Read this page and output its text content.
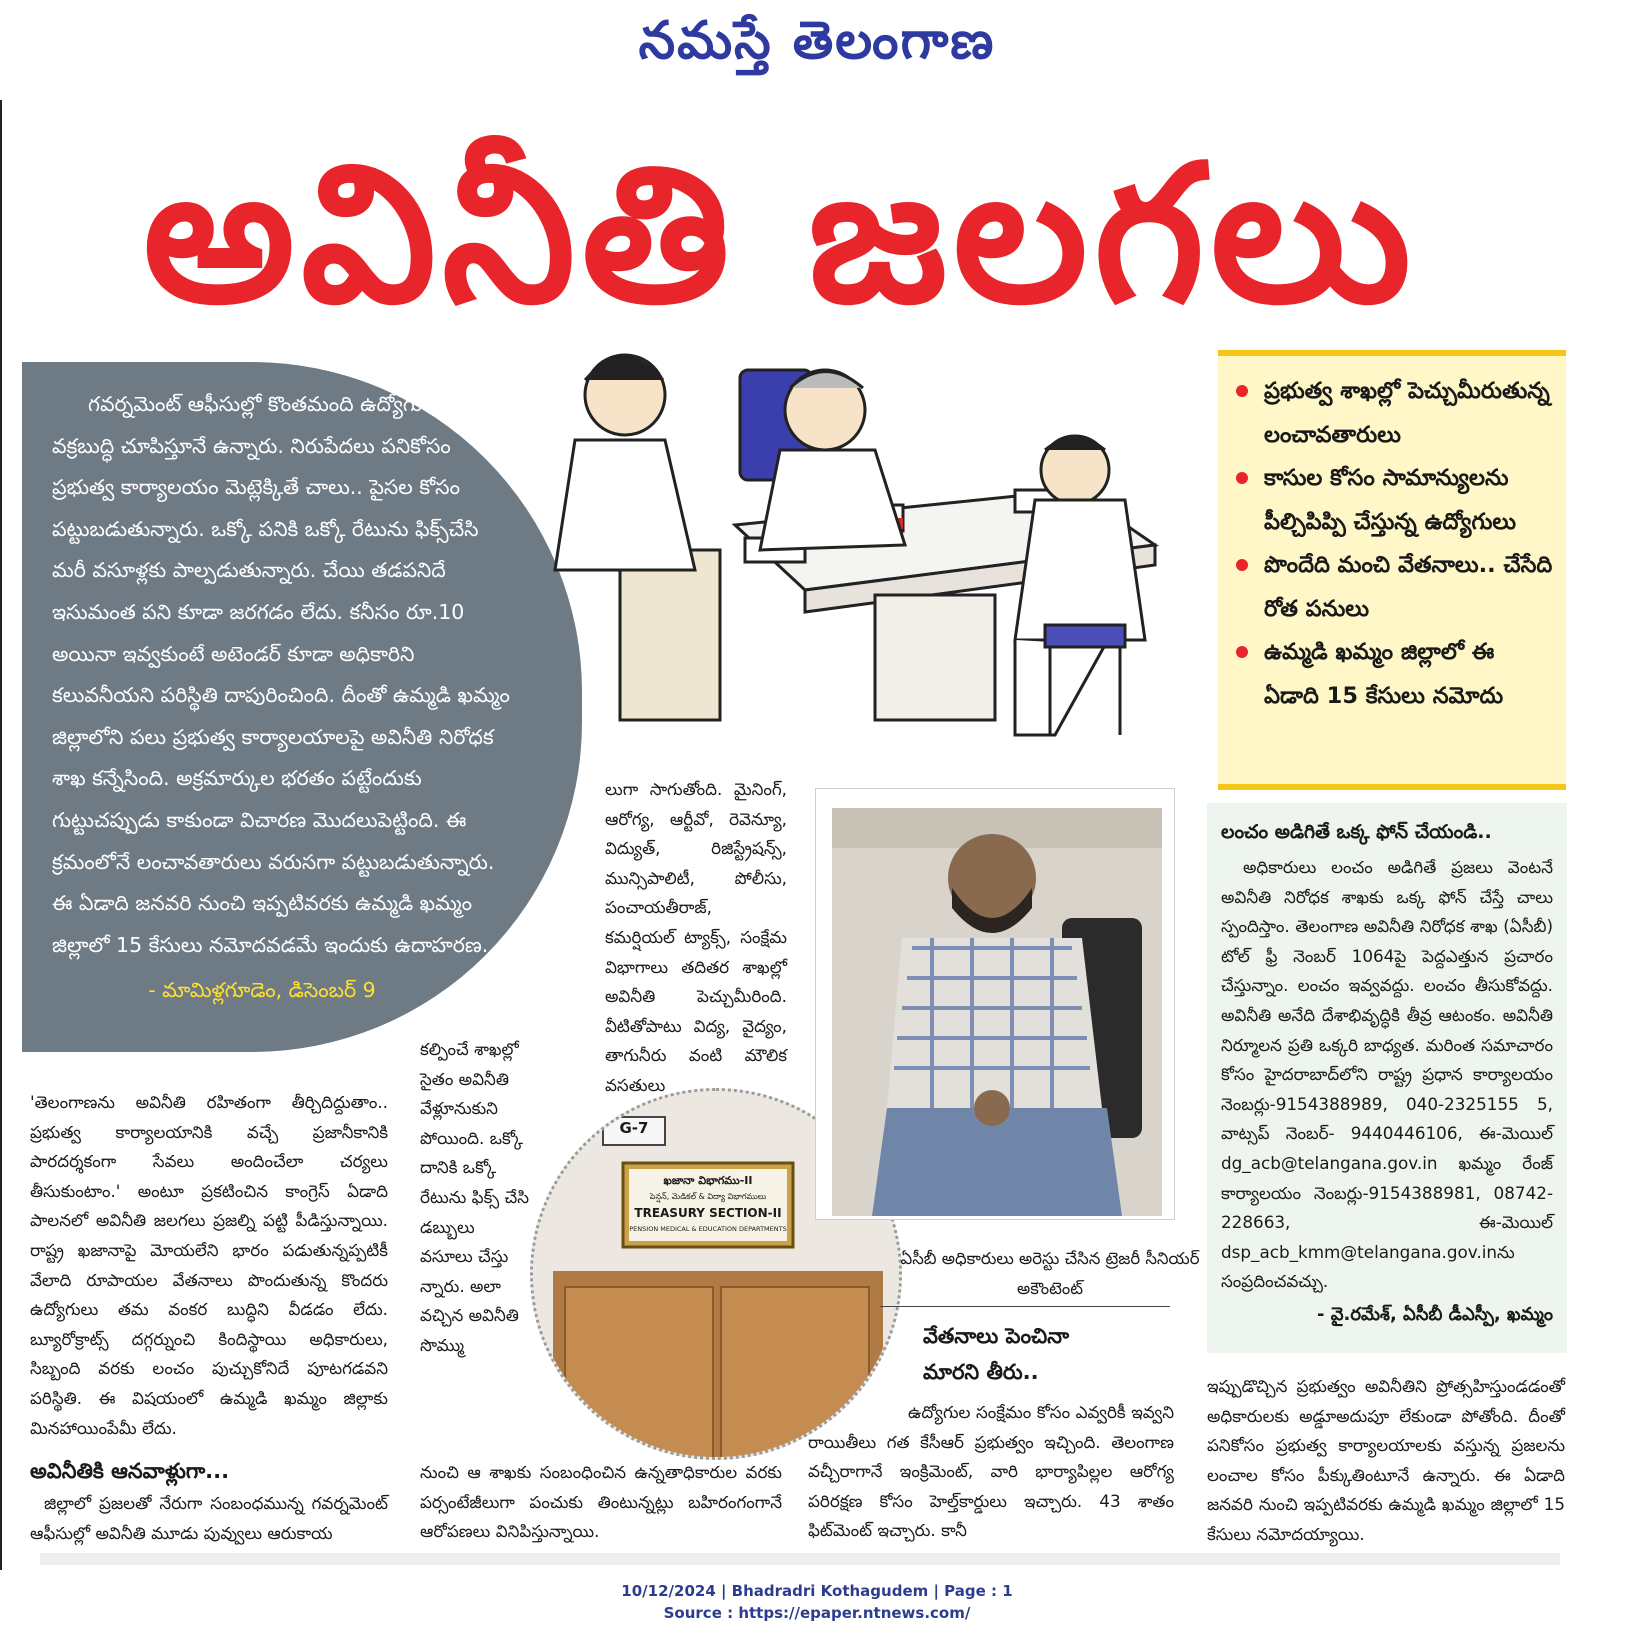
నమస్తే తెలంగాణ
అవినీతి జలగలు

గవర్నమెంట్ ఆఫీసుల్లో కొంతమంది ఉద్యోగులు తమ వక్రబుద్ధి చూపిస్తూనే ఉన్నారు. నిరుపేదలు పనికోసం ప్రభుత్వ కార్యాలయం మెట్లెక్కితే చాలు.. పైసల కోసం పట్టుబడుతున్నారు. ఒక్కో పనికి ఒక్కో రేటును ఫిక్స్‌చేసి మరీ వసూళ్లకు పాల్పడుతున్నారు. చేయి తడపనిదే ఇసుమంత పని కూడా జరగడం లేదు. కనీసం రూ.10 అయినా ఇవ్వకుంటే అటెండర్ కూడా అధికారిని కలువనీయని పరిస్థితి దాపురించింది. దీంతో ఉమ్మడి ఖమ్మం జిల్లాలోని పలు ప్రభుత్వ కార్యాలయాలపై అవినీతి నిరోధక శాఖ కన్నేసింది. అక్రమార్కుల భరతం పట్టేందుకు గుట్టుచప్పుడు కాకుండా విచారణ మొదలుపెట్టింది. ఈ క్రమంలోనే లంచావతారులు వరుసగా పట్టుబడుతున్నారు. ఈ ఏడాది జనవరి నుంచి ఇప్పటివరకు ఉమ్మడి ఖమ్మం జిల్లాలో 15 కేసులు నమోదవడమే ఇందుకు ఉదాహరణ.

- మామిళ్లగూడెం, డిసెంబర్ 9

ప్రభుత్వ శాఖల్లో పెచ్చుమీరుతున్న లంచావతారులు
కాసుల కోసం సామాన్యులను పీల్చిపిప్పి చేస్తున్న ఉద్యోగులు
పొందేది మంచి వేతనాలు.. చేసేది రోత పనులు
ఉమ్మడి ఖమ్మం జిల్లాలో ఈ ఏడాది 15 కేసులు నమోదు

'తెలంగాణను అవినీతి రహితంగా తీర్చిదిద్దుతాం.. ప్రభుత్వ కార్యాలయానికి వచ్చే ప్రజానీకానికి పారదర్శకంగా సేవలు అందించేలా చర్యలు తీసుకుంటాం.' అంటూ ప్రకటించిన కాంగ్రెస్ ఏడాది పాలనలో అవినీతి జలగలు ప్రజల్ని పట్టి పీడిస్తున్నాయి. రాష్ట్ర ఖజానాపై మోయలేని భారం పడుతున్నప్పటికీ వేలాది రూపాయల వేతనాలు పొందుతున్న కొందరు ఉద్యోగులు తమ వంకర బుద్ధిని వీడడం లేదు. బ్యూరోక్రాట్స్ దగ్గర్నుంచి కిందిస్థాయి అధికారులు, సిబ్బంది వరకు లంచం పుచ్చుకోనిదే పూటగడవని పరిస్థితి. ఈ విషయంలో ఉమ్మడి ఖమ్మం జిల్లాకు మినహాయింపేమీ లేదు.

అవినీతికి ఆనవాళ్లుగా...

జిల్లాలో ప్రజలతో నేరుగా సంబంధమున్న గవర్నమెంట్ ఆఫీసుల్లో అవినీతి మూడు పువ్వులు ఆరుకాయ

లుగా సాగుతోంది. మైనింగ్, ఆరోగ్య, ఆర్టీవో, రెవెన్యూ, విద్యుత్, రిజిస్ట్రేషన్స్, మున్సిపాలిటీ, పోలీసు, పంచాయతీరాజ్, కమర్షియల్ ట్యాక్స్, సంక్షేమ విభాగాలు తదితర శాఖల్లో అవినీతి పెచ్చుమీరింది. వీటితోపాటు విద్య, వైద్యం, తాగునీరు వంటి మౌలిక వసతులు

కల్పించే శాఖల్లో సైతం అవినీతి వేళ్లూనుకుని పోయింది. ఒక్కో దానికి ఒక్కో రేటును ఫిక్స్ చేసి డబ్బులు వసూలు చేస్తు న్నారు. అలా వచ్చిన అవినీతి సొమ్ము

నుంచి ఆ శాఖకు సంబంధించిన ఉన్నతాధికారుల వరకు పర్సంటేజీలుగా పంచుకు తింటున్నట్లు బహిరంగంగానే ఆరోపణలు వినిపిస్తున్నాయి.

G-7
ఖజానా విభాగము-II
పెన్షన్, మెడికల్ & విద్యా విభాగములు
TREASURY SECTION-II
PENSION MEDICAL & EDUCATION DEPARTMENTS
ఏసీబీ అధికారులు అరెస్టు చేసిన ట్రెజరీ సీనియర్ అకౌంటెంట్

వేతనాలు పెంచినా మారని తీరు..

ఉద్యోగుల సంక్షేమం కోసం ఎవ్వరికీ ఇవ్వని రాయితీలు గత కేసీఆర్ ప్రభుత్వం ఇచ్చింది. తెలంగాణ వచ్చీరాగానే ఇంక్రిమెంట్, వారి భార్యాపిల్లల ఆరోగ్య పరిరక్షణ కోసం హెల్త్‌కార్డులు ఇచ్చారు. 43 శాతం ఫిట్‌మెంట్ ఇచ్చారు. కానీ

లంచం అడిగితే ఒక్క ఫోన్ చేయండి..

అధికారులు లంచం అడిగితే ప్రజలు వెంటనే అవినీతి నిరోధక శాఖకు ఒక్క ఫోన్ చేస్తే చాలు స్పందిస్తాం. తెలంగాణ అవినీతి నిరోధక శాఖ (ఏసీబీ) టోల్ ఫ్రీ నెంబర్ 1064పై పెద్దఎత్తున ప్రచారం చేస్తున్నాం. లంచం ఇవ్వవద్దు. లంచం తీసుకోవద్దు. అవినీతి అనేది దేశాభివృద్ధికి తీవ్ర ఆటంకం. అవినీతి నిర్మూలన ప్రతి ఒక్కరి బాధ్యత. మరింత సమాచారం కోసం హైదరాబాద్‌లోని రాష్ట్ర ప్రధాన కార్యాలయం నెంబర్లు-9154388989, 040-2325155 5, వాట్సప్ నెంబర్- 9440446106, ఈ-మెయిల్ dg_acb@telangana.gov.in ఖమ్మం రేంజ్ కార్యాలయం నెంబర్లు-9154388981, 08742-228663, ఈ-మెయిల్ dsp_acb_kmm@telangana.gov.inను సంప్రదించవచ్చు.

- వై.రమేశ్, ఏసీబీ డీఎస్పీ, ఖమ్మం

ఇప్పుడొచ్చిన ప్రభుత్వం అవినీతిని ప్రోత్సహిస్తుండడంతో అధికారులకు అడ్డూఅదుపూ లేకుండా పోతోంది. దీంతో పనికోసం ప్రభుత్వ కార్యాలయాలకు వస్తున్న ప్రజలను లంచాల కోసం పీక్కుతింటూనే ఉన్నారు. ఈ ఏడాది జనవరి నుంచి ఇప్పటివరకు ఉమ్మడి ఖమ్మం జిల్లాలో 15 కేసులు నమోదయ్యాయి.

10/12/2024 | Bhadradri Kothagudem | Page : 1
Source : https://epaper.ntnews.com/
